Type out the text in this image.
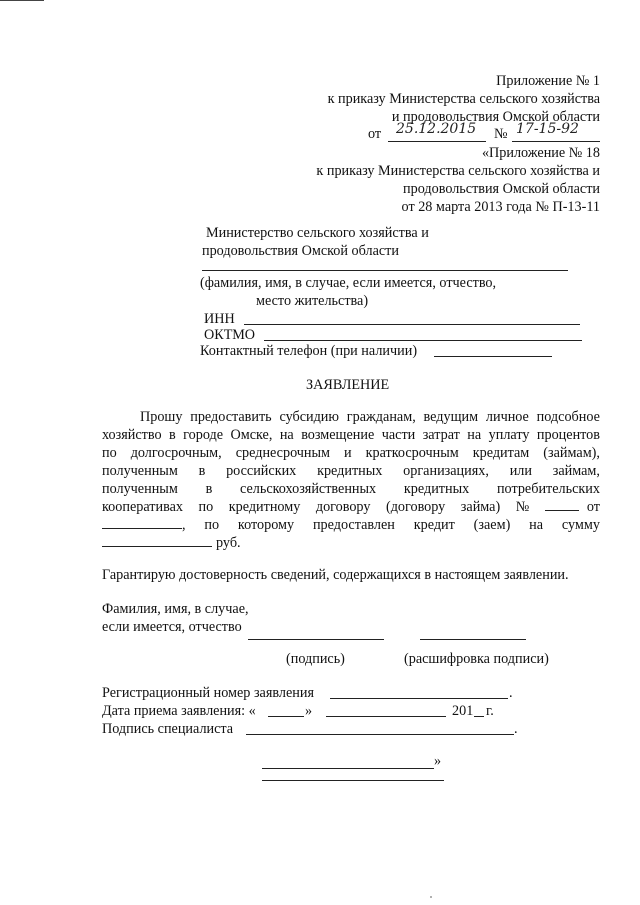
Приложение № 1
к приказу Министерства сельского хозяйства
и продовольствия Омской области
от 25.12.2015 № 17-15-92
«Приложение № 18
к приказу Министерства сельского хозяйства и
продовольствия Омской области
от 28 марта 2013 года № П-13-11
Министерство сельского хозяйства и
продовольствия Омской области
(фамилия, имя, в случае, если имеется, отчество,
место жительства)
ИНН
ОКТМО
Контактный телефон (при наличии)
ЗАЯВЛЕНИЕ
Прошу предоставить субсидию гражданам, ведущим личное подсобное
хозяйство в городе Омске, на возмещение части затрат на уплату процентов
по долгосрочным, среднесрочным и краткосрочным кредитам (займам),
полученным в российских кредитных организациях, или займам,
полученным в сельскохозяйственных кредитных потребительских
кооперативах по кредитному договору (договору займа) №	от
, по которому предоставлен кредит (заем) на сумму
руб.
Гарантирую достоверность сведений, содержащихся в настоящем заявлении.
Фамилия, имя, в случае,
если имеется, отчество
(подпись)	(расшифровка подписи)
Регистрационный номер заявления	.
Дата приема заявления: «	»	201 г.
Подпись специалиста	.
»
